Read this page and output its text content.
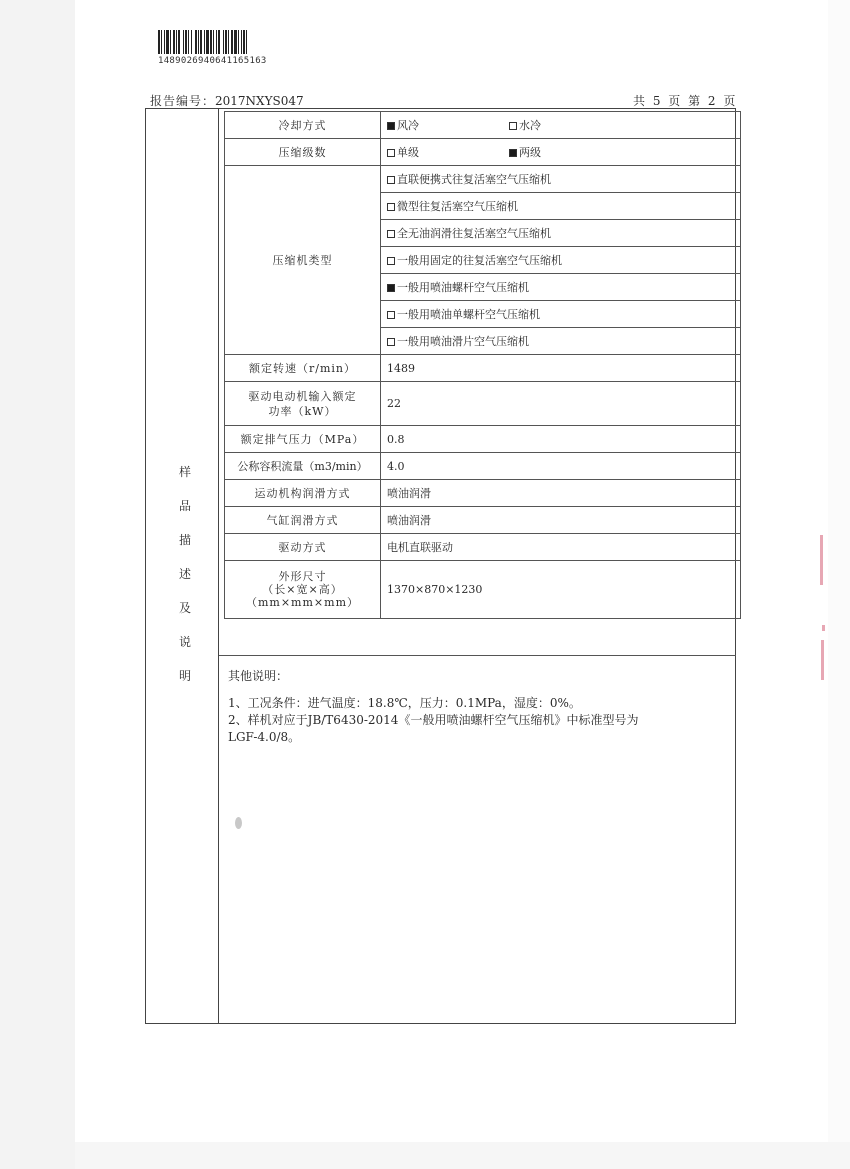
1489026940641165163
报告编号：2017NXYS047	共 5 页 第 2 页
样
品
描
述
及
说
明
冷却方式	风冷 水冷
压缩级数	单级 两级
压缩机类型	直联便携式往复活塞空气压缩机
	微型往复活塞空气压缩机
	全无油润滑往复活塞空气压缩机
	一般用固定的往复活塞空气压缩机
	一般用喷油螺杆空气压缩机
	一般用喷油单螺杆空气压缩机
	一般用喷油滑片空气压缩机
额定转速（r/min）	1489

驱动电动机输入额定
功率（kW）	22
额定排气压力（MPa）	0.8
公称容积流量（m3/min）	4.0
运动机构润滑方式	喷油润滑
气缸润滑方式	喷油润滑
驱动方式	电机直联驱动

外形尺寸
（长×宽×高）
（mm×mm×mm）	1370×870×1230
其他说明：
1、工况条件：进气温度：18.8℃，压力：0.1MPa，湿度：0%。
2、样机对应于JB/T6430-2014《一般用喷油螺杆空气压缩机》中标准型号为
LGF-4.0/8。
